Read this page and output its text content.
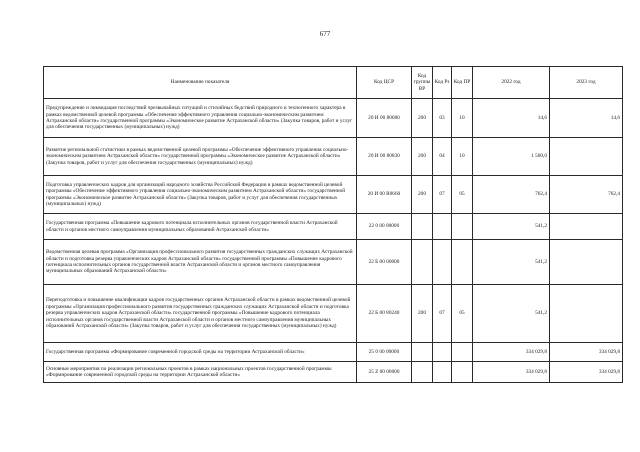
677
Наименование показателя	Код ЦСР	Код группы ВР	Код Рз	Код ПР	2022 год	2023 год
Предупреждение и ликвидация последствий чрезвычайных ситуаций и стихийных бедствий природного и техногенного характера в рамках ведомственной целевой программы «Обеспечение эффективного управления социально-экономическим развитием Астраханской области» государственной программы «Экономическое развитие Астраханской области» (Закупка товаров, работ и услуг для обеспечения государственных (муниципальных) нужд)	20 И 00 80680	200	03	10	14,6	14,6
Развитие региональной статистики в рамках ведомственной целевой программы «Обеспечение эффективного управления социально-экономическим развитием Астраханской области» государственной программы «Экономическое развитие Астраханской области» (Закупка товаров, работ и услуг для обеспечения государственных (муниципальных) нужд)	20 И 00 80830	200	04	10	1 500,0	
Подготовка управленческих кадров для организаций народного хозяйства Российской Федерации в рамках ведомственной целевой программы «Обеспечение эффективного управления социально-экономическим развитием Астраханской области» государственной программы «Экономическое развитие Астраханской области» (Закупка товаров, работ и услуг для обеспечения государственных (муниципальных) нужд)	20 И 00 R0660	200	07	05	762,4	762,4
Государственная программа «Повышение кадрового потенциала исполнительных органов государственной власти Астраханской области и органов местного самоуправления муниципальных образований Астраханской области»	22 0 00 00000				541,2	
Ведомственная целевая программа «Организация профессионального развития государственных гражданских служащих Астраханской области и подготовка резерва управленческих кадров Астраханской области» государственной программы «Повышение кадрового потенциала исполнительных органов государственной власти Астраханской области и органов местного самоуправления муниципальных образований Астраханской области»	22 Б 00 00000				541,2	
Переподготовка и повышение квалификации кадров государственных органов Астраханской области в рамках ведомственной целевой программы «Организация профессионального развития государственных гражданских служащих Астраханской области и подготовка резерва управленческих кадров Астраханской области» государственной программы «Повышение кадрового потенциала исполнительных органов государственной власти Астраханской области и органов местного самоуправления муниципальных образований Астраханской области» (Закупка товаров, работ и услуг для обеспечения государственных (муниципальных) нужд)	22 Б 00 80240	200	07	05	541,2	
Государственная программа «Формирование современной городской среды на территории Астраханской области»	25 0 00 00000				334 029,8	334 029,8
Основные мероприятия по реализации региональных проектов в рамках национальных проектов государственной программы «Формирование современной городской среды на территории Астраханской области»	25 Z 00 00000				334 029,8	334 029,8
